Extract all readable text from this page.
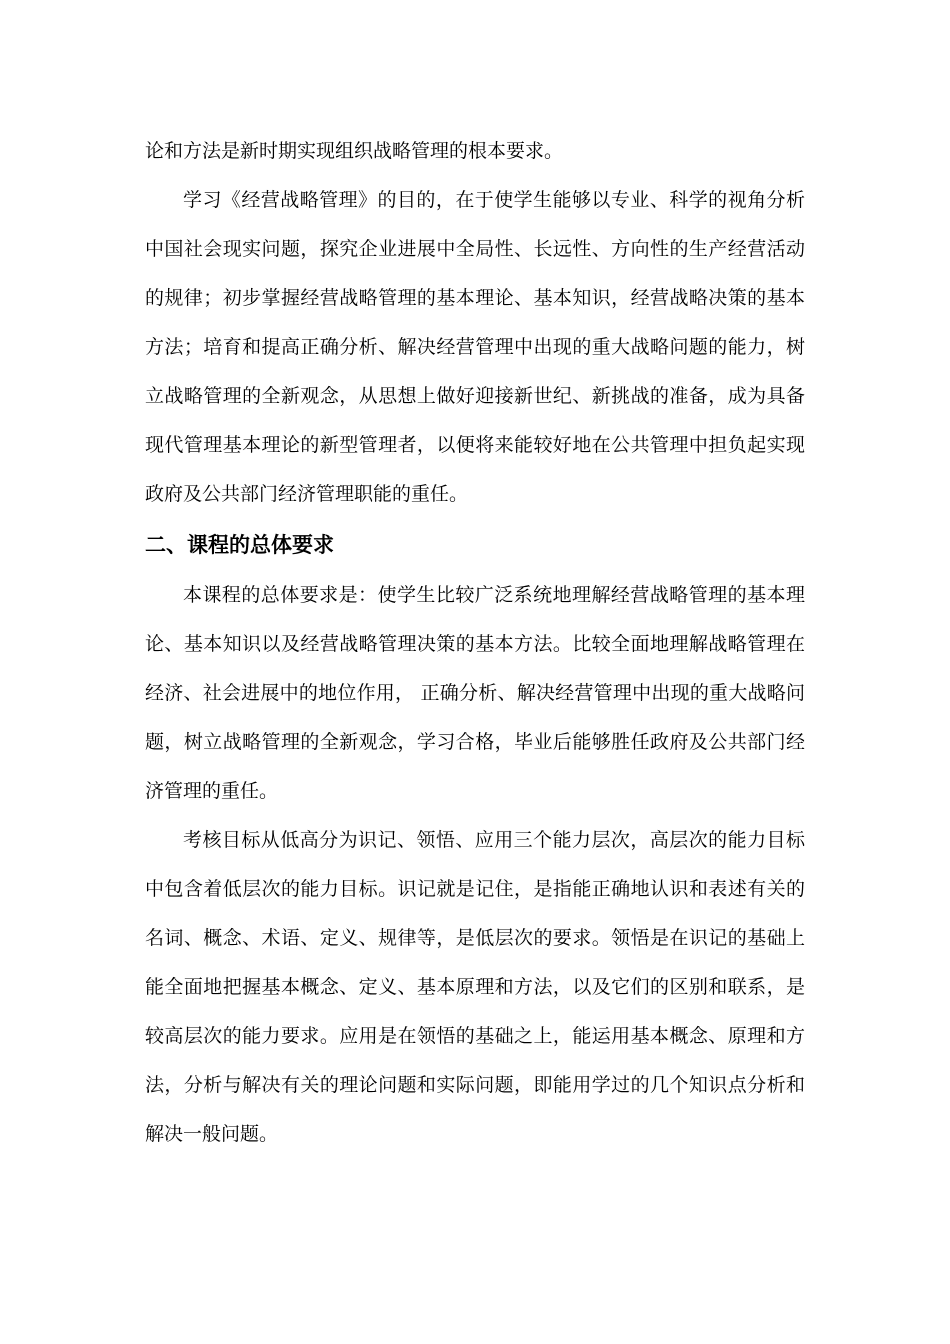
论和方法是新时期实现组织战略管理的根本要求。

学习《经营战略管理》的目的，在于使学生能够以专业、科学的视角分析中国社会现实问题，探究企业进展中全局性、长远性、方向性的生产经营活动的规律；初步掌握经营战略管理的基本理论、基本知识，经营战略决策的基本方法；培育和提高正确分析、解决经营管理中出现的重大战略问题的能力，树立战略管理的全新观念，从思想上做好迎接新世纪、新挑战的准备，成为具备现代管理基本理论的新型管理者，以便将来能较好地在公共管理中担负起实现政府及公共部门经济管理职能的重任。

二、课程的总体要求

本课程的总体要求是：使学生比较广泛系统地理解经营战略管理的基本理论、基本知识以及经营战略管理决策的基本方法。比较全面地理解战略管理在经济、社会进展中的地位作用， 正确分析、解决经营管理中出现的重大战略问题，树立战略管理的全新观念，学习合格，毕业后能够胜任政府及公共部门经济管理的重任。

考核目标从低高分为识记、领悟、应用三个能力层次，高层次的能力目标中包含着低层次的能力目标。识记就是记住，是指能正确地认识和表述有关的名词、概念、术语、定义、规律等，是低层次的要求。领悟是在识记的基础上能全面地把握基本概念、定义、基本原理和方法，以及它们的区别和联系，是较高层次的能力要求。应用是在领悟的基础之上，能运用基本概念、原理和方法，分析与解决有关的理论问题和实际问题，即能用学过的几个知识点分析和解决一般问题。
